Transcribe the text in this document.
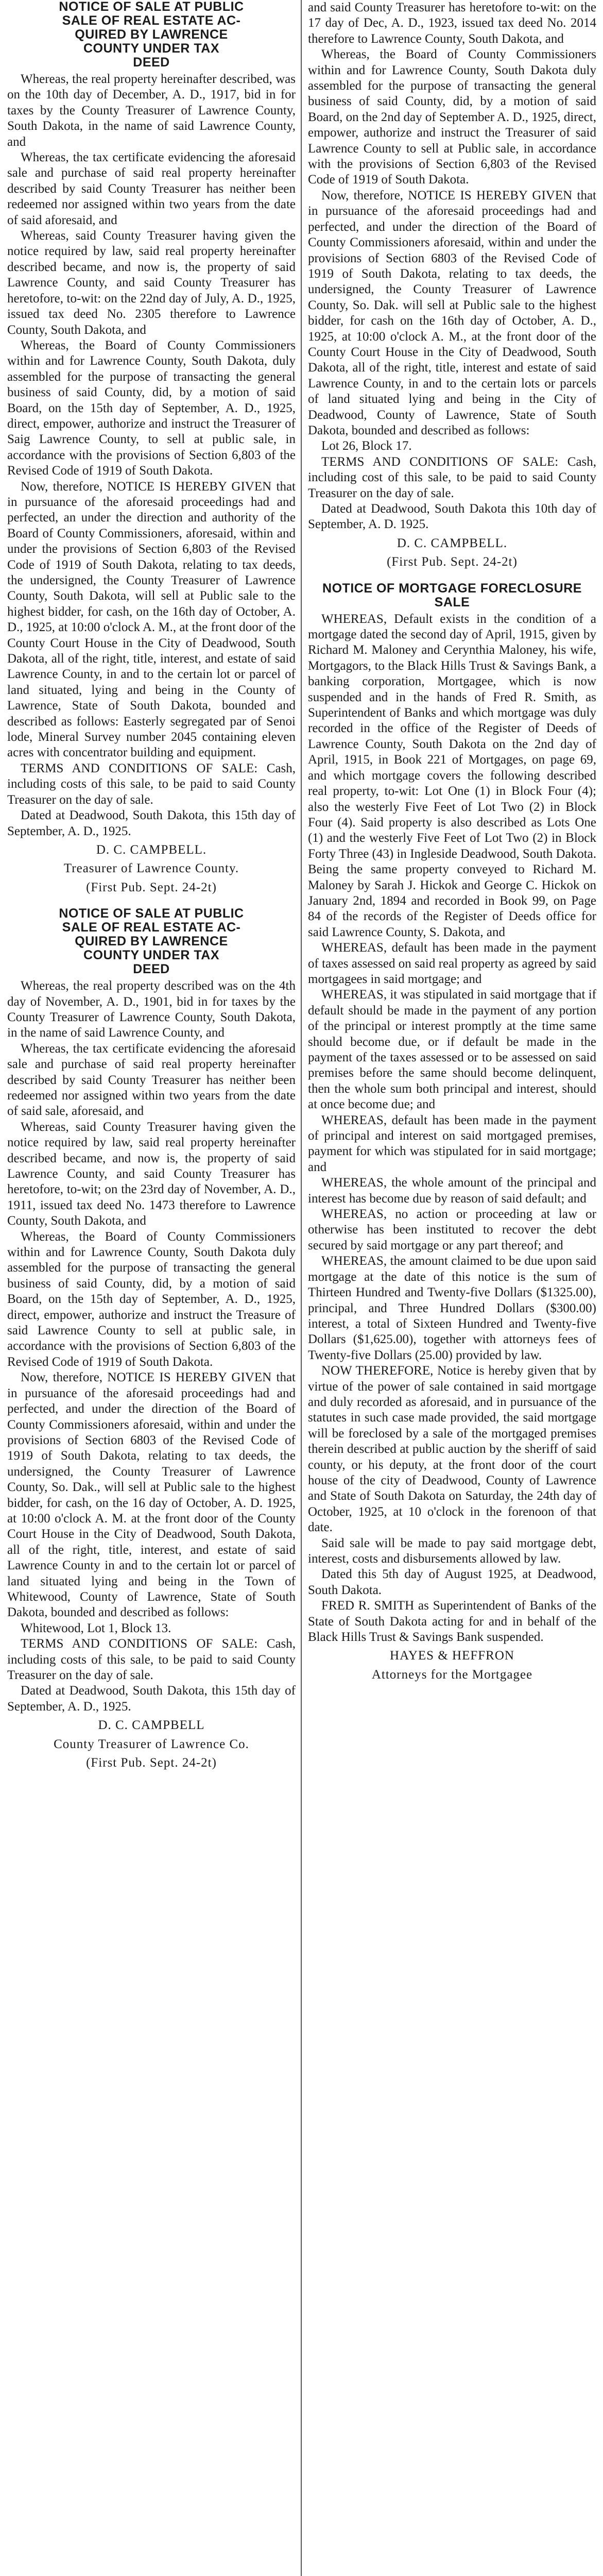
NOTICE OF SALE AT PUBLIC
SALE OF REAL ESTATE AC-
QUIRED BY LAWRENCE
COUNTY UNDER TAX
DEED

Whereas, the real property hereinafter described, was on the 10th day of December, A. D., 1917, bid in for taxes by the County Treasurer of Lawrence County, South Dakota, in the name of said Lawrence County, and

Whereas, the tax certificate evidencing the aforesaid sale and purchase of said real property hereinafter described by said County Treasurer has neither been redeemed nor assigned within two years from the date of said aforesaid, and

Whereas, said County Treasurer having given the notice required by law, said real property hereinafter described became, and now is, the property of said Lawrence County, and said County Treasurer has heretofore, to-wit: on the 22nd day of July, A. D., 1925, issued tax deed No. 2305 therefore to Lawrence County, South Dakota, and

Whereas, the Board of County Commissioners within and for Lawrence County, South Dakota, duly assembled for the purpose of transacting the general business of said County, did, by a motion of said Board, on the 15th day of September, A. D., 1925, direct, empower, authorize and instruct the Treasurer of Saig Lawrence County, to sell at public sale, in accordance with the provisions of Section 6,803 of the Revised Code of 1919 of South Dakota.

Now, therefore, NOTICE IS HEREBY GIVEN that in pursuance of the aforesaid proceedings had and perfected, an under the direction and authority of the Board of County Commissioners, aforesaid, within and under the provisions of Section 6,803 of the Revised Code of 1919 of South Dakota, relating to tax deeds, the undersigned, the County Treasurer of Lawrence County, South Dakota, will sell at Public sale to the highest bidder, for cash, on the 16th day of October, A. D., 1925, at 10:00 o'clock A. M., at the front door of the County Court House in the City of Deadwood, South Dakota, all of the right, title, interest, and estate of said Lawrence County, in and to the certain lot or parcel of land situated, lying and being in the County of Lawrence, State of South Dakota, bounded and described as follows: Easterly segregated par of Senoi lode, Mineral Survey number 2045 containing eleven acres with concentrator building and equipment.

TERMS AND CONDITIONS OF SALE: Cash, including costs of this sale, to be paid to said County Treasurer on the day of sale.

Dated at Deadwood, South Dakota, this 15th day of September, A. D., 1925.

D. C. CAMPBELL.

Treasurer of Lawrence County.

(First Pub. Sept. 24-2t)

NOTICE OF SALE AT PUBLIC
SALE OF REAL ESTATE AC-
QUIRED BY LAWRENCE
COUNTY UNDER TAX
DEED

Whereas, the real property described was on the 4th day of November, A. D., 1901, bid in for taxes by the County Treasurer of Lawrence County, South Dakota, in the name of said Lawrence County, and

Whereas, the tax certificate evidencing the aforesaid sale and purchase of said real property hereinafter described by said County Treasurer has neither been redeemed nor assigned within two years from the date of said sale, aforesaid, and

Whereas, said County Treasurer having given the notice required by law, said real property hereinafter described became, and now is, the property of said Lawrence County, and said County Treasurer has heretofore, to-wit; on the 23rd day of November, A. D., 1911, issued tax deed No. 1473 therefore to Lawrence County, South Dakota, and

Whereas, the Board of County Commissioners within and for Lawrence County, South Dakota duly assembled for the purpose of transacting the general business of said County, did, by a motion of said Board, on the 15th day of September, A. D., 1925, direct, empower, authorize and instruct the Treasure of said Lawrence County to sell at public sale, in accordance with the provisions of Section 6,803 of the Revised Code of 1919 of South Dakota.

Now, therefore, NOTICE IS HEREBY GIVEN that in pursuance of the aforesaid proceedings had and perfected, and under the direction of the Board of County Commissioners aforesaid, within and under the provisions of Section 6803 of the Revised Code of 1919 of South Dakota, relating to tax deeds, the undersigned, the County Treasurer of Lawrence County, So. Dak., will sell at Public sale to the highest bidder, for cash, on the 16 day of October, A. D. 1925, at 10:00 o'clock A. M. at the front door of the County Court House in the City of Deadwood, South Dakota, all of the right, title, interest, and estate of said Lawrence County in and to the certain lot or parcel of land situated lying and being in the Town of Whitewood, County of Lawrence, State of South Dakota, bounded and described as follows:

Whitewood, Lot 1, Block 13.

TERMS AND CONDITIONS OF SALE: Cash, including costs of this sale, to be paid to said County Treasurer on the day of sale.

Dated at Deadwood, South Dakota, this 15th day of September, A. D., 1925.

D. C. CAMPBELL

County Treasurer of Lawrence Co.

(First Pub. Sept. 24-2t)

and said County Treasurer has heretofore to-wit: on the 17 day of Dec, A. D., 1923, issued tax deed No. 2014 therefore to Lawrence County, South Dakota, and

Whereas, the Board of County Commissioners within and for Lawrence County, South Dakota duly assembled for the purpose of transacting the general business of said County, did, by a motion of said Board, on the 2nd day of September A. D., 1925, direct, empower, authorize and instruct the Treasurer of said Lawrence County to sell at Public sale, in accordance with the provisions of Section 6,803 of the Revised Code of 1919 of South Dakota.

Now, therefore, NOTICE IS HEREBY GIVEN that in pursuance of the aforesaid proceedings had and perfected, and under the direction of the Board of County Commissioners aforesaid, within and under the provisions of Section 6803 of the Revised Code of 1919 of South Dakota, relating to tax deeds, the undersigned, the County Treasurer of Lawrence County, So. Dak. will sell at Public sale to the highest bidder, for cash on the 16th day of October, A. D., 1925, at 10:00 o'clock A. M., at the front door of the County Court House in the City of Deadwood, South Dakota, all of the right, title, interest and estate of said Lawrence County, in and to the certain lots or parcels of land situated lying and being in the City of Deadwood, County of Lawrence, State of South Dakota, bounded and described as follows:

Lot 26, Block 17.

TERMS AND CONDITIONS OF SALE: Cash, including cost of this sale, to be paid to said County Treasurer on the day of sale.

Dated at Deadwood, South Dakota this 10th day of September, A. D. 1925.

D. C. CAMPBELL.

(First Pub. Sept. 24-2t)

NOTICE OF MORTGAGE FORECLOSURE SALE

WHEREAS, Default exists in the condition of a mortgage dated the second day of April, 1915, given by Richard M. Maloney and Cerynthia Maloney, his wife, Mortgagors, to the Black Hills Trust & Savings Bank, a banking corporation, Mortgagee, which is now suspended and in the hands of Fred R. Smith, as Superintendent of Banks and which mortgage was duly recorded in the office of the Register of Deeds of Lawrence County, South Dakota on the 2nd day of April, 1915, in Book 221 of Mortgages, on page 69, and which mortgage covers the following described real property, to-wit: Lot One (1) in Block Four (4); also the westerly Five Feet of Lot Two (2) in Block Four (4). Said property is also described as Lots One (1) and the westerly Five Feet of Lot Two (2) in Block Forty Three (43) in Ingleside Deadwood, South Dakota. Being the same property conveyed to Richard M. Maloney by Sarah J. Hickok and George C. Hickok on January 2nd, 1894 and recorded in Book 99, on Page 84 of the records of the Register of Deeds office for said Lawrence County, S. Dakota, and

WHEREAS, default has been made in the payment of taxes assessed on said real property as agreed by said mortgagees in said mortgage; and

WHEREAS, it was stipulated in said mortgage that if default should be made in the payment of any portion of the principal or interest promptly at the time same should become due, or if default be made in the payment of the taxes assessed or to be assessed on said premises before the same should become delinquent, then the whole sum both principal and interest, should at once become due; and

WHEREAS, default has been made in the payment of principal and interest on said mortgaged premises, payment for which was stipulated for in said mortgage; and

WHEREAS, the whole amount of the principal and interest has become due by reason of said default; and

WHEREAS, no action or proceeding at law or otherwise has been instituted to recover the debt secured by said mortgage or any part thereof; and

WHEREAS, the amount claimed to be due upon said mortgage at the date of this notice is the sum of Thirteen Hundred and Twenty-five Dollars ($1325.00), principal, and Three Hundred Dollars ($300.00) interest, a total of Sixteen Hundred and Twenty-five Dollars ($1,625.00), together with attorneys fees of Twenty-five Dollars (25.00) provided by law.

NOW THEREFORE, Notice is hereby given that by virtue of the power of sale contained in said mortgage and duly recorded as aforesaid, and in pursuance of the statutes in such case made provided, the said mortgage will be foreclosed by a sale of the mortgaged premises therein described at public auction by the sheriff of said county, or his deputy, at the front door of the court house of the city of Deadwood, County of Lawrence and State of South Dakota on Saturday, the 24th day of October, 1925, at 10 o'clock in the forenoon of that date.

Said sale will be made to pay said mortgage debt, interest, costs and disbursements allowed by law.

Dated this 5th day of August 1925, at Deadwood, South Dakota.

FRED R. SMITH as Superintendent of Banks of the State of South Dakota acting for and in behalf of the Black Hills Trust & Savings Bank suspended.

HAYES & HEFFRON

Attorneys for the Mortgagee
